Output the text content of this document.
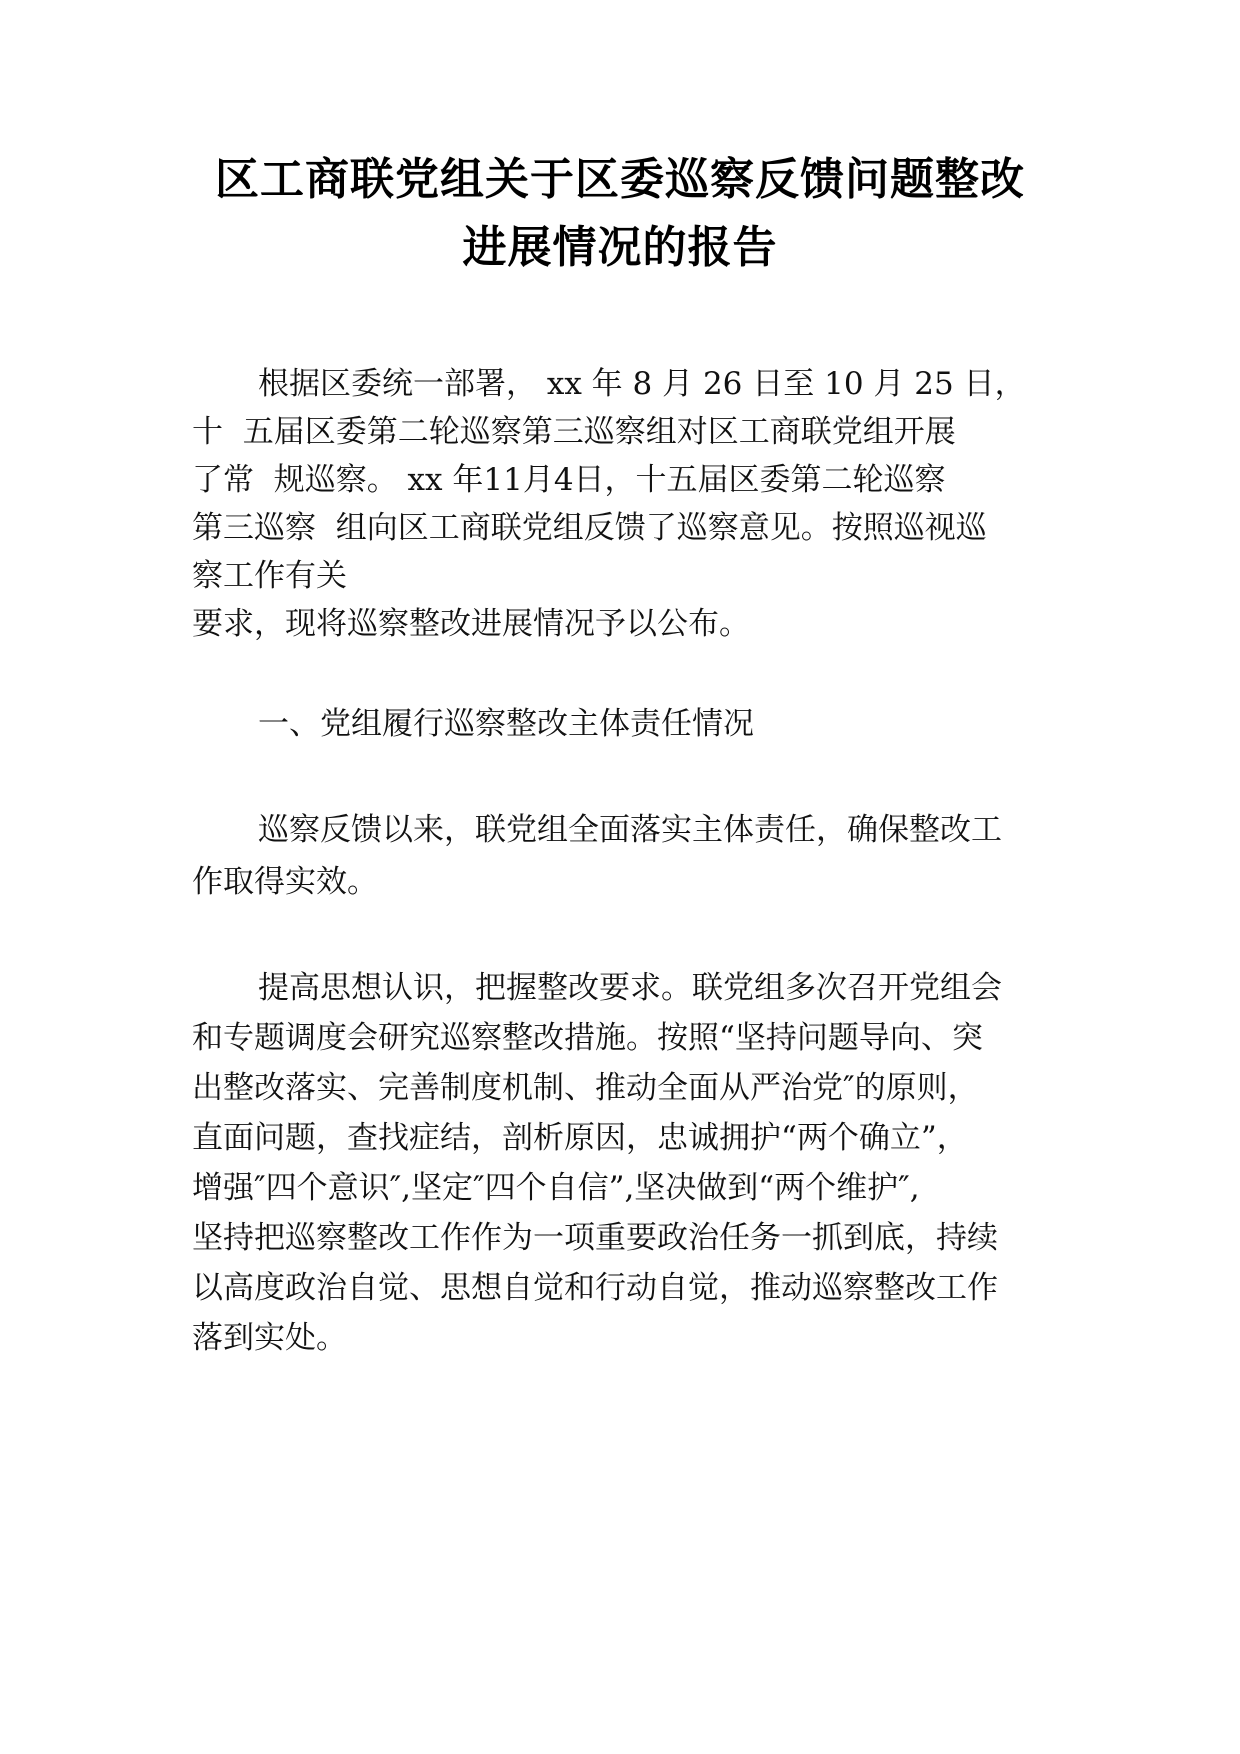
区工商联党组关于区委巡察反馈问题整改
进展情况的报告
根据区委统一部署， xx 年 8 月 26 日至 10 月 25 日，
十  五届区委第二轮巡察第三巡察组对区工商联党组开展
了常  规巡察。 xx 年11月4日，十五届区委第二轮巡察
第三巡察  组向区工商联党组反馈了巡察意见。按照巡视巡
察工作有关
要求，现将巡察整改进展情况予以公布。
一、党组履行巡察整改主体责任情况
巡察反馈以来，联党组全面落实主体责任，确保整改工
作取得实效。
提高思想认识，把握整改要求。联党组多次召开党组会
和专题调度会研究巡察整改措施。按照“坚持问题导向、突
出整改落实、完善制度机制、推动全面从严治党″的原则，
直面问题，查找症结，剖析原因，忠诚拥护“两个确立”，
增强″四个意识″,坚定″四个自信”,坚决做到“两个维护″,
坚持把巡察整改工作作为一项重要政治任务一抓到底，持续
以高度政治自觉、思想自觉和行动自觉，推动巡察整改工作
落到实处。
